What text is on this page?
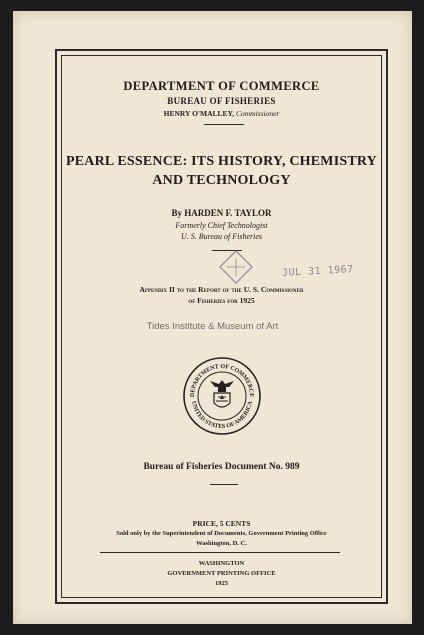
DEPARTMENT OF COMMERCE
BUREAU OF FISHERIES
HENRY O'MALLEY, Commissioner
PEARL ESSENCE: ITS HISTORY, CHEMISTRY
AND TECHNOLOGY
By HARDEN F. TAYLOR
Formerly Chief Technologist
U. S. Bureau of Fisheries
Appendix II to the Report of the U. S. Commissioner
of Fisheries for 1925
Bureau of Fisheries Document No. 989
PRICE, 5 CENTS
Sold only by the Superintendent of Documents, Government Printing Office
Washington, D. C.
WASHINGTON
GOVERNMENT PRINTING OFFICE
1925
DEPARTMENT OF COMMERCE
UNITED STATES OF AMERICA
JUL 31 1967
Tides Institute & Museum of Art
